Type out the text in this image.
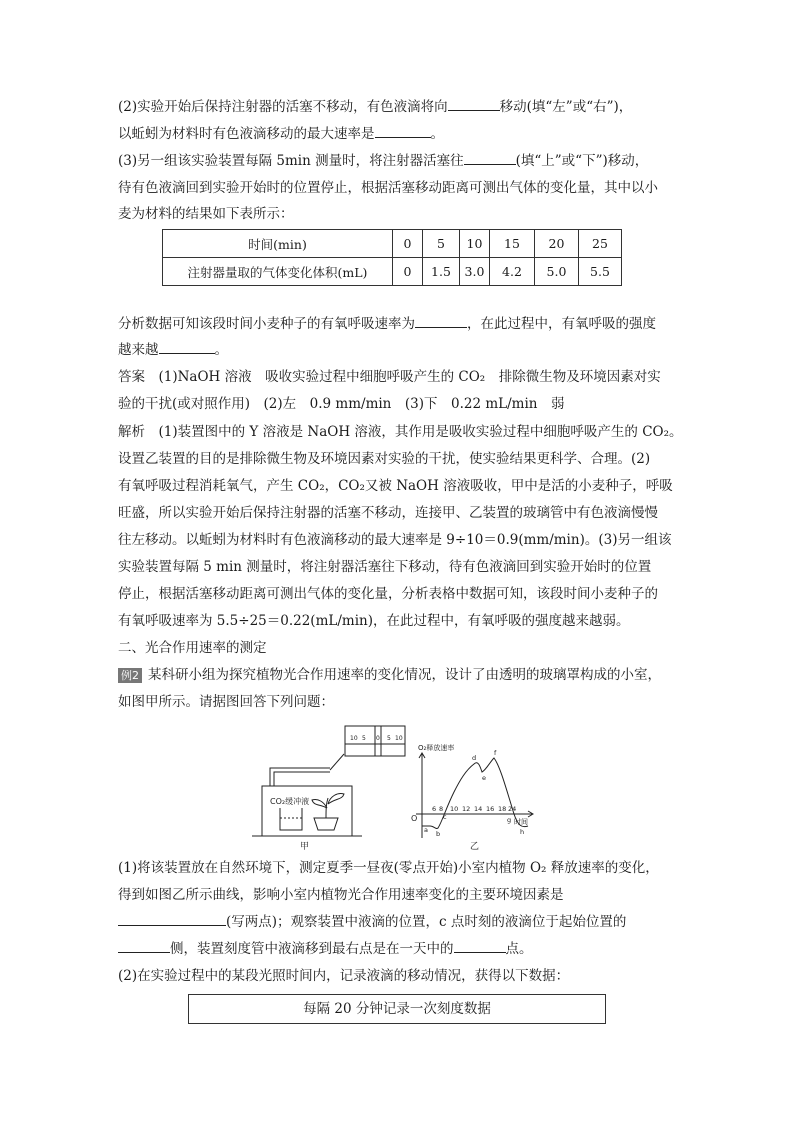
(2)实验开始后保持注射器的活塞不移动，有色液滴将向	移动(填“左”或“右”)，
以蚯蚓为材料时有色液滴移动的最大速率是	。
(3)另一组该实验装置每隔 5min 测量时，将注射器活塞往	(填“上”或“下”)移动，
待有色液滴回到实验开始时的位置停止，根据活塞移动距离可测出气体的变化量，其中以小
麦为材料的结果如下表所示：
时间(min)	0	5	10	15	20	25
注射器量取的气体变化体积(mL)	0	1.5	3.0	4.2	5.0	5.5
分析数据可知该段时间小麦种子的有氧呼吸速率为	，在此过程中，有氧呼吸的强度
越来越	。
答案　(1)NaOH 溶液　吸收实验过程中细胞呼吸产生的 CO₂　排除微生物及环境因素对实
验的干扰(或对照作用)　(2)左　0.9 mm/min　(3)下　0.22 mL/min　弱
解析　(1)装置图中的 Y 溶液是 NaOH 溶液，其作用是吸收实验过程中细胞呼吸产生的 CO₂。
设置乙装置的目的是排除微生物及环境因素对实验的干扰，使实验结果更科学、合理。(2)
有氧呼吸过程消耗氧气，产生 CO₂，CO₂又被 NaOH 溶液吸收，甲中是活的小麦种子，呼吸
旺盛，所以实验开始后保持注射器的活塞不移动，连接甲、乙装置的玻璃管中有色液滴慢慢
往左移动。以蚯蚓为材料时有色液滴移动的最大速率是 9÷10＝0.9(mm/min)。(3)另一组该
实验装置每隔 5 min 测量时，将注射器活塞往下移动，待有色液滴回到实验开始时的位置
停止，根据活塞移动距离可测出气体的变化量，分析表格中数据可知，该段时间小麦种子的
有氧呼吸速率为 5.5÷25＝0.22(mL/min)，在此过程中，有氧呼吸的强度越来越弱。
二、光合作用速率的测定
例2 某科研小组为探究植物光合作用速率的变化情况，设计了由透明的玻璃罩构成的小室，
如图甲所示。请据图回答下列问题：
10 5 0 5 10
CO₂缓冲液
甲
O₂释放速率
O	时间
6 8 10 12 14 16 18 24
a b
c
d
e
f
g
h
乙
(1)将该装置放在自然环境下，测定夏季一昼夜(零点开始)小室内植物 O₂ 释放速率的变化，
得到如图乙所示曲线，影响小室内植物光合作用速率变化的主要环境因素是
(写两点)；观察装置中液滴的位置，c 点时刻的液滴位于起始位置的
侧，装置刻度管中液滴移到最右点是在一天中的	点。
(2)在实验过程中的某段光照时间内，记录液滴的移动情况，获得以下数据：
每隔 20 分钟记录一次刻度数据
